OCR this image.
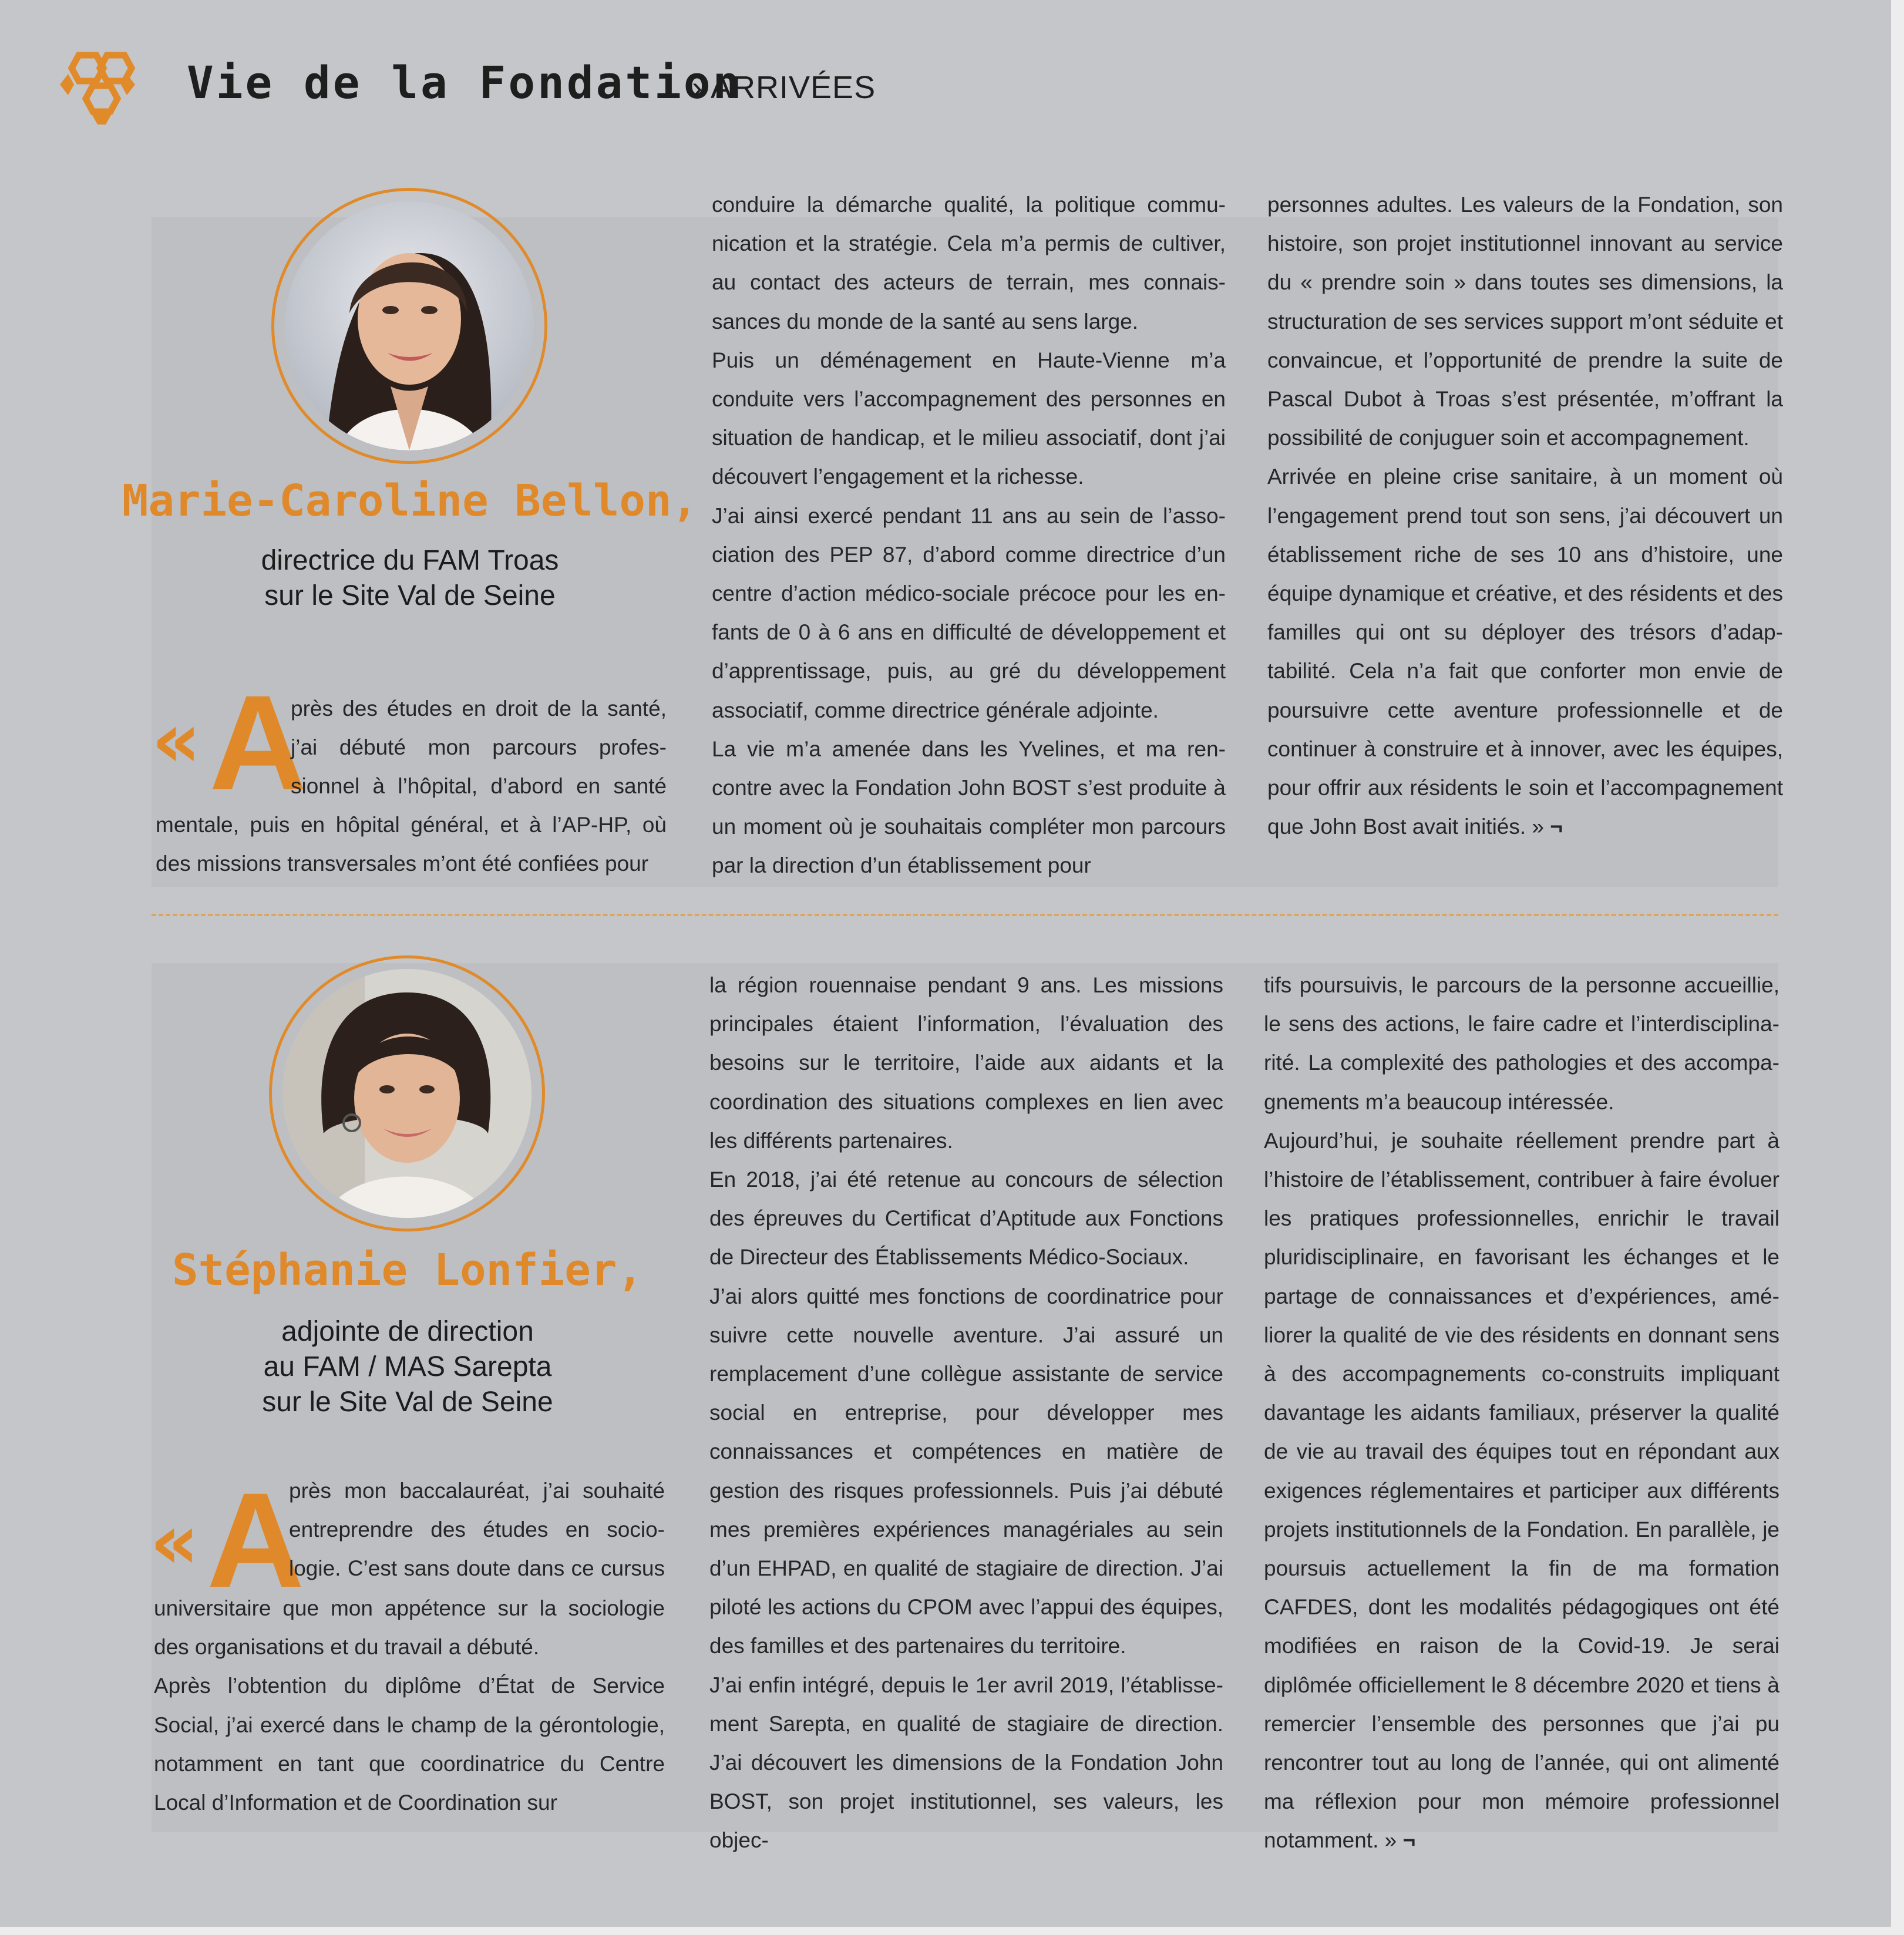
Vie de la Fondation
› ARRIVÉES
Marie-Caroline Bellon,
directrice du FAM Troas
sur le Site Val de Seine
« A
près des études en droit de la santé,
j’ai débuté mon parcours profes-
sionnel à l’hôpital, d’abord en santé

mentale, puis en hôpital général, et à l’AP-HP, où des missions transversales m’ont été confiées pour

conduire la démarche qualité, la politique communication et la stratégie. Cela m’a permis de cultiver, au contact des acteurs de terrain, mes connaissances du monde de la santé au sens large.

Puis un déménagement en Haute-Vienne m’a conduite vers l’accompagnement des personnes en situation de handicap, et le milieu associatif, dont j’ai découvert l’engagement et la richesse.

J’ai ainsi exercé pendant 11 ans au sein de l’association des PEP 87, d’abord comme directrice d’un centre d’action médico-sociale précoce pour les enfants de 0 à 6 ans en difficulté de développement et d’apprentissage, puis, au gré du développement associatif, comme directrice générale adjointe.

La vie m’a amenée dans les Yvelines, et ma rencontre avec la Fondation John BOST s’est produite à un moment où je souhaitais compléter mon parcours par la direction d’un établissement pour

personnes adultes. Les valeurs de la Fondation, son histoire, son projet institutionnel innovant au service du « prendre soin » dans toutes ses dimensions, la structuration de ses services support m’ont séduite et convaincue, et l’opportunité de prendre la suite de Pascal Dubot à Troas s’est présentée, m’offrant la possibilité de conjuguer soin et accompagnement.

Arrivée en pleine crise sanitaire, à un moment où l’engagement prend tout son sens, j’ai découvert un établissement riche de ses 10 ans d’histoire, une équipe dynamique et créative, et des résidents et des familles qui ont su déployer des trésors d’adaptabilité. Cela n’a fait que conforter mon envie de poursuivre cette aventure professionnelle et de continuer à construire et à innover, avec les équipes, pour offrir aux résidents le soin et l’accompagnement que John Bost avait initiés. » ¬

Stéphanie Lonfier,
adjointe de direction
au FAM / MAS Sarepta
sur le Site Val de Seine
« A
près mon baccalauréat, j’ai souhaité
entreprendre des études en socio-
logie. C’est sans doute dans ce cursus

universitaire que mon appétence sur la sociologie des organisations et du travail a débuté.

Après l’obtention du diplôme d’État de Service Social, j’ai exercé dans le champ de la gérontologie, notamment en tant que coordinatrice du Centre Local d’Information et de Coordination sur

la région rouennaise pendant 9 ans. Les missions principales étaient l’information, l’évaluation des besoins sur le territoire, l’aide aux aidants et la coordination des situations complexes en lien avec les différents partenaires.

En 2018, j’ai été retenue au concours de sélection des épreuves du Certificat d’Aptitude aux Fonctions de Directeur des Établissements Médico-Sociaux.

J’ai alors quitté mes fonctions de coordinatrice pour suivre cette nouvelle aventure. J’ai assuré un remplacement d’une collègue assistante de service social en entreprise, pour développer mes connaissances et compétences en matière de gestion des risques professionnels. Puis j’ai débuté mes premières expériences managériales au sein d’un EHPAD, en qualité de stagiaire de direction. J’ai piloté les actions du CPOM avec l’appui des équipes, des familles et des partenaires du territoire.

J’ai enfin intégré, depuis le 1er avril 2019, l’établissement Sarepta, en qualité de stagiaire de direction. J’ai découvert les dimensions de la Fondation John BOST, son projet institutionnel, ses valeurs, les objec-

tifs poursuivis, le parcours de la personne accueillie, le sens des actions, le faire cadre et l’interdisciplinarité. La complexité des pathologies et des accompagnements m’a beaucoup intéressée.

Aujourd’hui, je souhaite réellement prendre part à l’histoire de l’établissement, contribuer à faire évoluer les pratiques professionnelles, enrichir le travail pluridisciplinaire, en favorisant les échanges et le partage de connaissances et d’expériences, améliorer la qualité de vie des résidents en donnant sens à des accompagnements co-construits impliquant davantage les aidants familiaux, préserver la qualité de vie au travail des équipes tout en répondant aux exigences réglementaires et participer aux différents projets institutionnels de la Fondation. En parallèle, je poursuis actuellement la fin de ma formation CAFDES, dont les modalités pédagogiques ont été modifiées en raison de la Covid-19. Je serai diplômée officiellement le 8 décembre 2020 et tiens à remercier l’ensemble des personnes que j’ai pu rencontrer tout au long de l’année, qui ont alimenté ma réflexion pour mon mémoire professionnel notamment. » ¬
